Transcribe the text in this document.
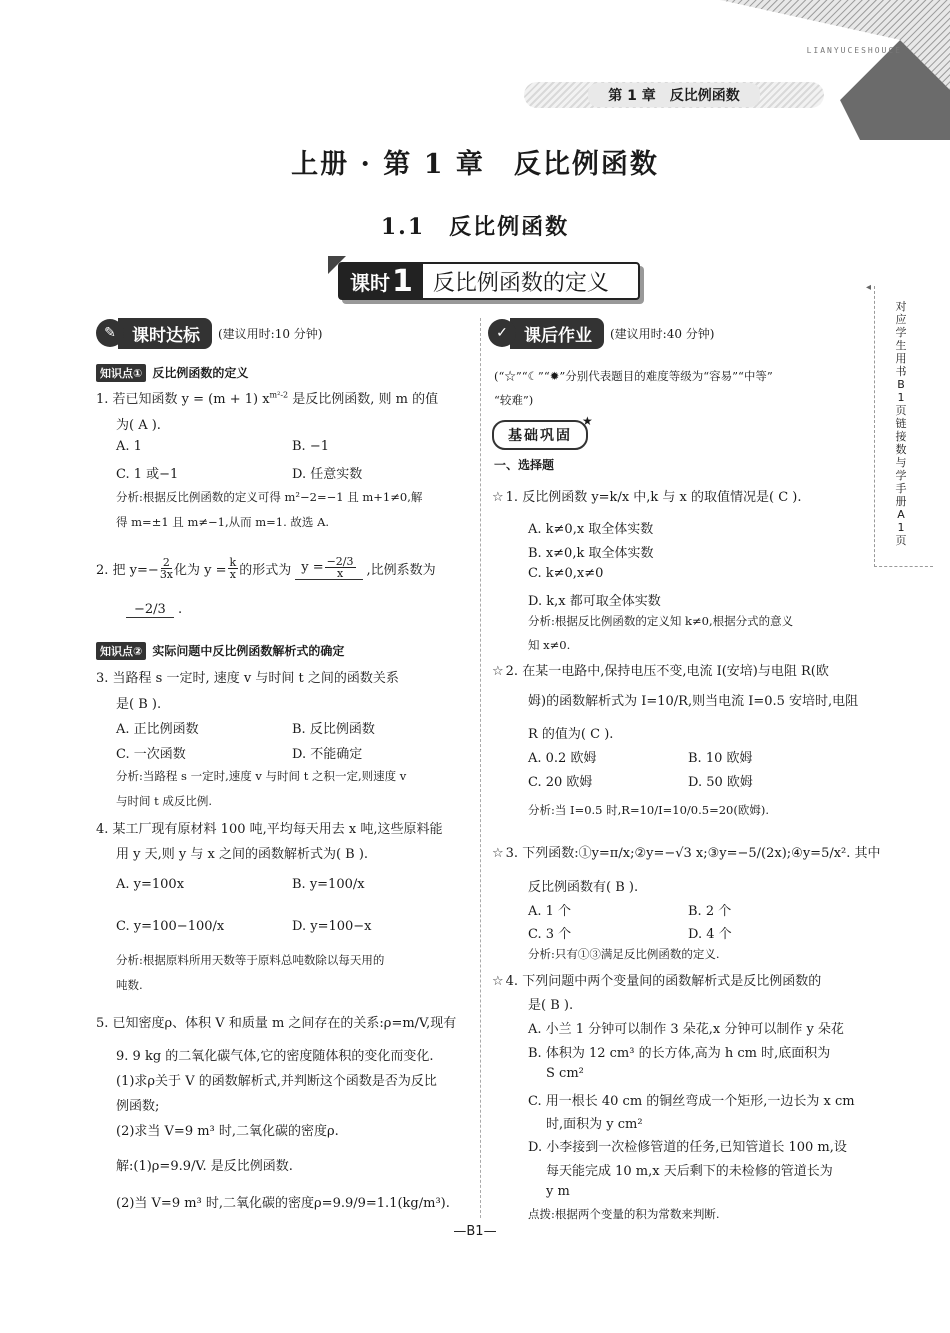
LIANYUCESHOUCE
第 1 章　反比例函数
上册 · 第 1 章　反比例函数
1.1　反比例函数
课时 1 反比例函数的定义	◂
对应学生用书B1页 链接数与学手册A1页
✎ 课时达标	(建议用时:10 分钟)
知识点① 反比例函数的定义
1. 若已知函数 y = (m + 1) $x^{m^2-2}$ 是反比例函数, 则 m 的值
为( A ).
A. 1	B. −1
C. 1 或−1	D. 任意实数
分析:根据反比例函数的定义可得 m²−2=−1 且 m+1≠0,解
得 m=±1 且 m≠−1,从而 m=1. 故选 A.
2. 把 $y=- \frac{2}{3x}$ 化为 $y = \frac{k}{x}$ 的形式为 $y = \frac{-2/3}{x}$ ,比例系数为
−2/3 .
知识点② 实际问题中反比例函数解析式的确定
3. 当路程 s 一定时, 速度 v 与时间 t 之间的函数关系
是( B ).
A. 正比例函数	B. 反比例函数
C. 一次函数	D. 不能确定
分析:当路程 s 一定时,速度 v 与时间 t 之积一定,则速度 v
与时间 t 成反比例.
4. 某工厂现有原材料 100 吨,平均每天用去 x 吨,这些原料能
用 y 天,则 y 与 x 之间的函数解析式为( B ).
A. y=100x	B. y=100/x
C. y=100−100/x	D. y=100−x
分析:根据原料所用天数等于原料总吨数除以每天用的
吨数.
5. 已知密度ρ、体积 V 和质量 m 之间存在的关系:ρ=m/V,现有
9. 9 kg 的二氧化碳气体,它的密度随体积的变化而变化.
(1)求ρ关于 V 的函数解析式,并判断这个函数是否为反比
例函数;
(2)求当 V=9 m³ 时,二氧化碳的密度ρ.
解:(1)ρ=9.9/V. 是反比例函数.
(2)当 V=9 m³ 时,二氧化碳的密度ρ=9.9/9=1.1(kg/m³).
✓ 课后作业	(建议用时:40 分钟)
(“☆”“☾”“✹”分别代表题目的难度等级为“容易”“中等”
“较难”)
基础巩固
★
一、选择题
☆ 1. 反比例函数 y=k/x 中,k 与 x 的取值情况是( C ).
A. k≠0,x 取全体实数
B. x≠0,k 取全体实数
C. k≠0,x≠0
D. k,x 都可取全体实数
分析:根据反比例函数的定义知 k≠0,根据分式的意义
知 x≠0.
☆ 2. 在某一电路中,保持电压不变,电流 I(安培)与电阻 R(欧
姆)的函数解析式为 I=10/R,则当电流 I=0.5 安培时,电阻
R 的值为( C ).
A. 0.2 欧姆	B. 10 欧姆
C. 20 欧姆	D. 50 欧姆
分析:当 I=0.5 时,R=10/I=10/0.5=20(欧姆).
☆ 3. 下列函数:①y=π/x;②y=−√3 x;③y=−5/(2x);④y=5/x². 其中
反比例函数有( B ).
A. 1 个	B. 2 个
C. 3 个	D. 4 个
分析:只有①③满足反比例函数的定义.
☆ 4. 下列问题中两个变量间的函数解析式是反比例函数的
是( B ).
A. 小兰 1 分钟可以制作 3 朵花,x 分钟可以制作 y 朵花
B. 体积为 12 cm³ 的长方体,高为 h cm 时,底面积为
S cm²
C. 用一根长 40 cm 的铜丝弯成一个矩形,一边长为 x cm
时,面积为 y cm²
D. 小李接到一次检修管道的任务,已知管道长 100 m,设
每天能完成 10 m,x 天后剩下的未检修的管道长为
y m
点拨:根据两个变量的积为常数来判断.
—B1—
